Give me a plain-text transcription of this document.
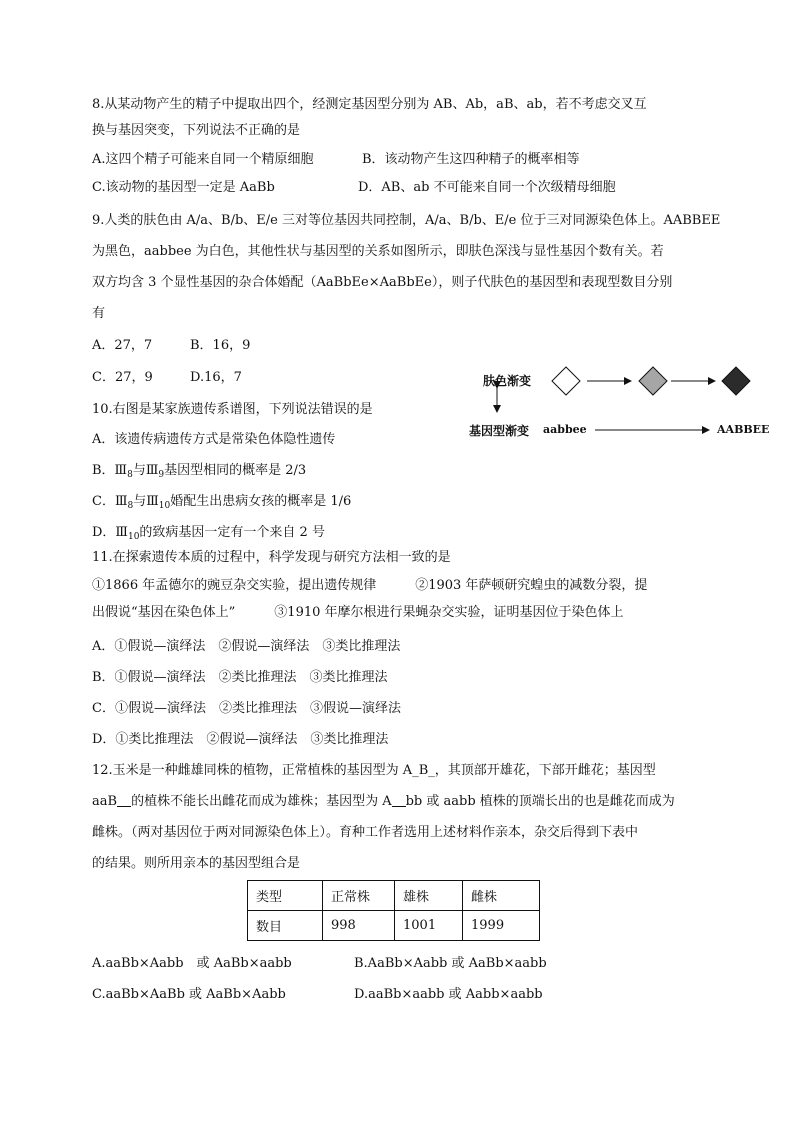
8.从某动物产生的精子中提取出四个，经测定基因型分别为 AB、Ab，aB、ab，若不考虑交叉互
换与基因突变，下列说法不正确的是
A.这四个精子可能来自同一个精原细胞	B．该动物产生这四种精子的概率相等
C.该动物的基因型一定是 AaBb	D．AB、ab 不可能来自同一个次级精母细胞
9.人类的肤色由 A/a、B/b、E/e 三对等位基因共同控制，A/a、B/b、E/e 位于三对同源染色体上。AABBEE
为黑色，aabbee 为白色，其他性状与基因型的关系如图所示，即肤色深浅与显性基因个数有关。若
双方均含 3 个显性基因的杂合体婚配（AaBbEe×AaBbEe），则子代肤色的基因型和表现型数目分别
有
A．27，7	B．16，9
C．27，9	D.16，7	肤色渐变
基因型渐变 aabbee	AABBEE
10.右图是某家族遗传系谱图，下列说法错误的是
A．该遗传病遗传方式是常染色体隐性遗传
B．$Ⅲ_8$与$Ⅲ_9$基因型相同的概率是 2/3
C．$Ⅲ_8$与$Ⅲ_{10}$婚配生出患病女孩的概率是 1/6
D．$Ⅲ_{10}$的致病基因一定有一个来自 2 号
11.在探索遗传本质的过程中，科学发现与研究方法相一致的是
①1866 年孟德尔的豌豆杂交实验，提出遗传规律　　　②1903 年萨顿研究蝗虫的减数分裂，提
出假说“基因在染色体上”　　　③1910 年摩尔根进行果蝇杂交实验，证明基因位于染色体上
A．①假说—演绎法　②假说—演绎法　③类比推理法
B．①假说—演绎法　②类比推理法　③类比推理法
C．①假说—演绎法　②类比推理法　③假说—演绎法
D．①类比推理法　②假说—演绎法　③类比推理法
12.玉米是一种雌雄同株的植物，正常植株的基因型为 A_B_，其顶部开雄花，下部开雌花；基因型
aaB 的植株不能长出雌花而成为雄株；基因型为 A bb 或 aabb 植株的顶端长出的也是雌花而成为
雌株。（两对基因位于两对同源染色体上）。育种工作者选用上述材料作亲本，杂交后得到下表中
的结果。则所用亲本的基因型组合是
类型	正常株	雄株	雌株
数目	998	1001	1999
A.aaBb×Aabb　或 AaBb×aabb	B.AaBb×Aabb 或 AaBb×aabb
C.aaBb×AaBb 或 AaBb×Aabb	D.aaBb×aabb 或 Aabb×aabb
